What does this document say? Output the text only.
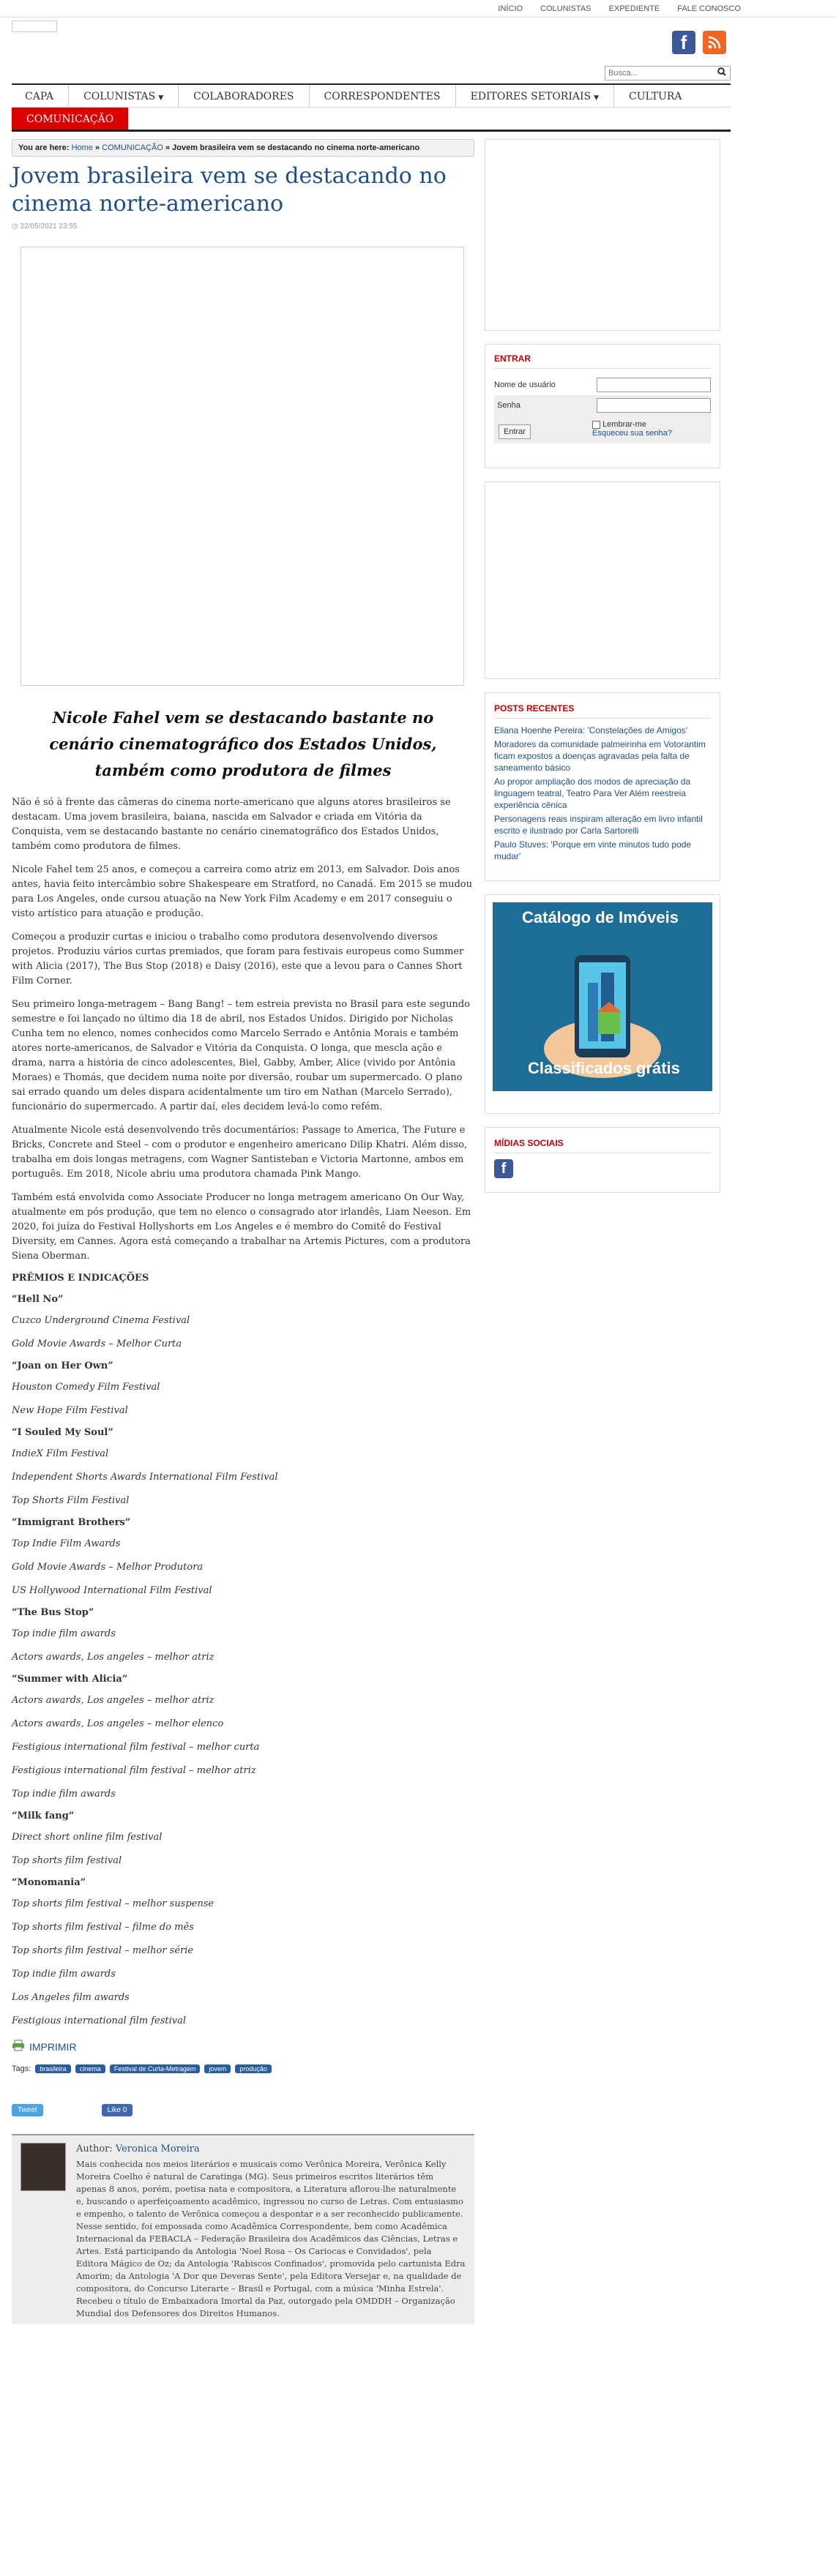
INÍCIO COLUNISTAS EXPEDIENTE FALE CONOSCO
f
Busca...
CAPA	COLUNISTAS ▼	COLABORADORES	CORRESPONDENTES	EDITORES SETORIAIS ▼	CULTURA
COMUNICAÇÃO
You are here: Home » COMUNICAÇÃO » Jovem brasileira vem se destacando no cinema norte-americano
Jovem brasileira vem se destacando no cinema norte-americano
◷ 22/05/2021 23:55
Nicole Fahel vem se destacando bastante no cenário cinematográfico dos Estados Unidos, também como produtora de filmes

Não é só à frente das câmeras do cinema norte-americano que alguns atores brasileiros se destacam. Uma jovem brasileira, baiana, nascida em Salvador e criada em Vitória da Conquista, vem se destacando bastante no cenário cinematográfico dos Estados Unidos, também como produtora de filmes.

Nicole Fahel tem 25 anos, e começou a carreira como atriz em 2013, em Salvador. Dois anos antes, havia feito intercâmbio sobre Shakespeare em Stratford, no Canadá. Em 2015 se mudou para Los Angeles, onde cursou atuação na New York Film Academy e em 2017 conseguiu o visto artístico para atuação e produção.

Começou a produzir curtas e iniciou o trabalho como produtora desenvolvendo diversos projetos. Produziu vários curtas premiados, que foram para festivais europeus como Summer with Alicia (2017), The Bus Stop (2018) e Daisy (2016), este que a levou para o Cannes Short Film Corner.

Seu primeiro longa-metragem – Bang Bang! – tem estreia prevista no Brasil para este segundo semestre e foi lançado no último dia 18 de abril, nos Estados Unidos. Dirigido por Nicholas Cunha tem no elenco, nomes conhecidos como Marcelo Serrado e Antônia Morais e também atores norte-americanos, de Salvador e Vitória da Conquista. O longa, que mescla ação e drama, narra a história de cinco adolescentes, Biel, Gabby, Amber, Alice (vivido por Antônia Moraes) e Thomás, que decidem numa noite por diversão, roubar um supermercado. O plano sai errado quando um deles dispara acidentalmente um tiro em Nathan (Marcelo Serrado), funcionário do supermercado. A partir daí, eles decidem levá-lo como refém.

Atualmente Nicole está desenvolvendo três documentários: Passage to America, The Future e Bricks, Concrete and Steel – com o produtor e engenheiro americano Dilip Khatri. Além disso, trabalha em dois longas metragens, com Wagner Santisteban e Victoria Martonne, ambos em português. Em 2018, Nicole abriu uma produtora chamada Pink Mango.

Também está envolvida como Associate Producer no longa metragem americano On Our Way, atualmente em pós produção, que tem no elenco o consagrado ator irlandês, Liam Neeson. Em 2020, foi juíza do Festival Hollyshorts em Los Angeles e é membro do Comitê do Festival Diversity, em Cannes. Agora está começando a trabalhar na Artemis Pictures, com a produtora Siena Oberman.

PRÊMIOS E INDICAÇÕES
“Hell No”
Cuzco Underground Cinema Festival
Gold Movie Awards – Melhor Curta
“Joan on Her Own”
Houston Comedy Film Festival
New Hope Film Festival
“I Souled My Soul”
IndieX Film Festival
Independent Shorts Awards International Film Festival
Top Shorts Film Festival
“Immigrant Brothers”
Top Indie Film Awards
Gold Movie Awards – Melhor Produtora
US Hollywood International Film Festival
“The Bus Stop”
Top indie film awards
Actors awards, Los angeles – melhor atriz
“Summer with Alicia”
Actors awards, Los angeles – melhor atriz
Actors awards, Los angeles – melhor elenco
Festigious international film festival – melhor curta
Festigious international film festival – melhor atriz
Top indie film awards
“Milk fang”
Direct short online film festival
Top shorts film festival
“Monomania”
Top shorts film festival – melhor suspense
Top shorts film festival – filme do mês
Top shorts film festival – melhor série
Top indie film awards
Los Angeles film awards
Festigious international film festival
IMPRIMIR
Tags:	brasileira	cinema	Festival de Curta-Metragem	jovem	produção
Tweet	Like 0
Author: Veronica Moreira
Mais conhecida nos meios literários e musicais como Verônica Moreira, Verônica Kelly Moreira Coelho é natural de Caratinga (MG). Seus primeiros escritos literários têm apenas 8 anos, porém, poetisa nata e compositora, a Literatura aflorou-lhe naturalmente e, buscando o aperfeiçoamento acadêmico, ingressou no curso de Letras. Com entusiasmo e empenho, o talento de Verônica começou a despontar e a ser reconhecido publicamente. Nesse sentido, foi empossada como Acadêmica Correspondente, bem como Acadêmica Internacional da FEBACLA – Federação Brasileira dos Acadêmicos das Ciências, Letras e Artes. Está participando da Antologia 'Noel Rosa – Os Cariocas e Convidados', pela Editora Mágico de Oz; da Antologia 'Rabiscos Confinados', promovida pelo cartunista Edra Amorim; da Antologia 'A Dor que Deveras Sente', pela Editora Versejar e, na qualidade de compositora, do Concurso Literarte – Brasil e Portugal, com a música 'Minha Estrela'. Recebeu o título de Embaixadora Imortal da Paz, outorgado pela OMDDH – Organização Mundial dos Defensores dos Direitos Humanos.
ENTRAR
Nome de usuário
Senha
Entrar
Lembrar-me
Esqueceu sua senha?
POSTS RECENTES
Eliana Hoenhe Pereira: 'Constelações de Amigos'
Moradores da comunidade palmeirinha em Votorantim ficam expostos a doenças agravadas pela falta de saneamento básico
Ao propor ampliação dos modos de apreciação da linguagem teatral, Teatro Para Ver Além reestreia experiência cênica
Personagens reais inspiram alteração em livro infantil escrito e ilustrado por Carla Sartorelli
Paulo Stuves: 'Porque em vinte minutos tudo pode mudar'
Catálogo de Imóveis
Classificados grátis
MÍDIAS SOCIAIS
f
